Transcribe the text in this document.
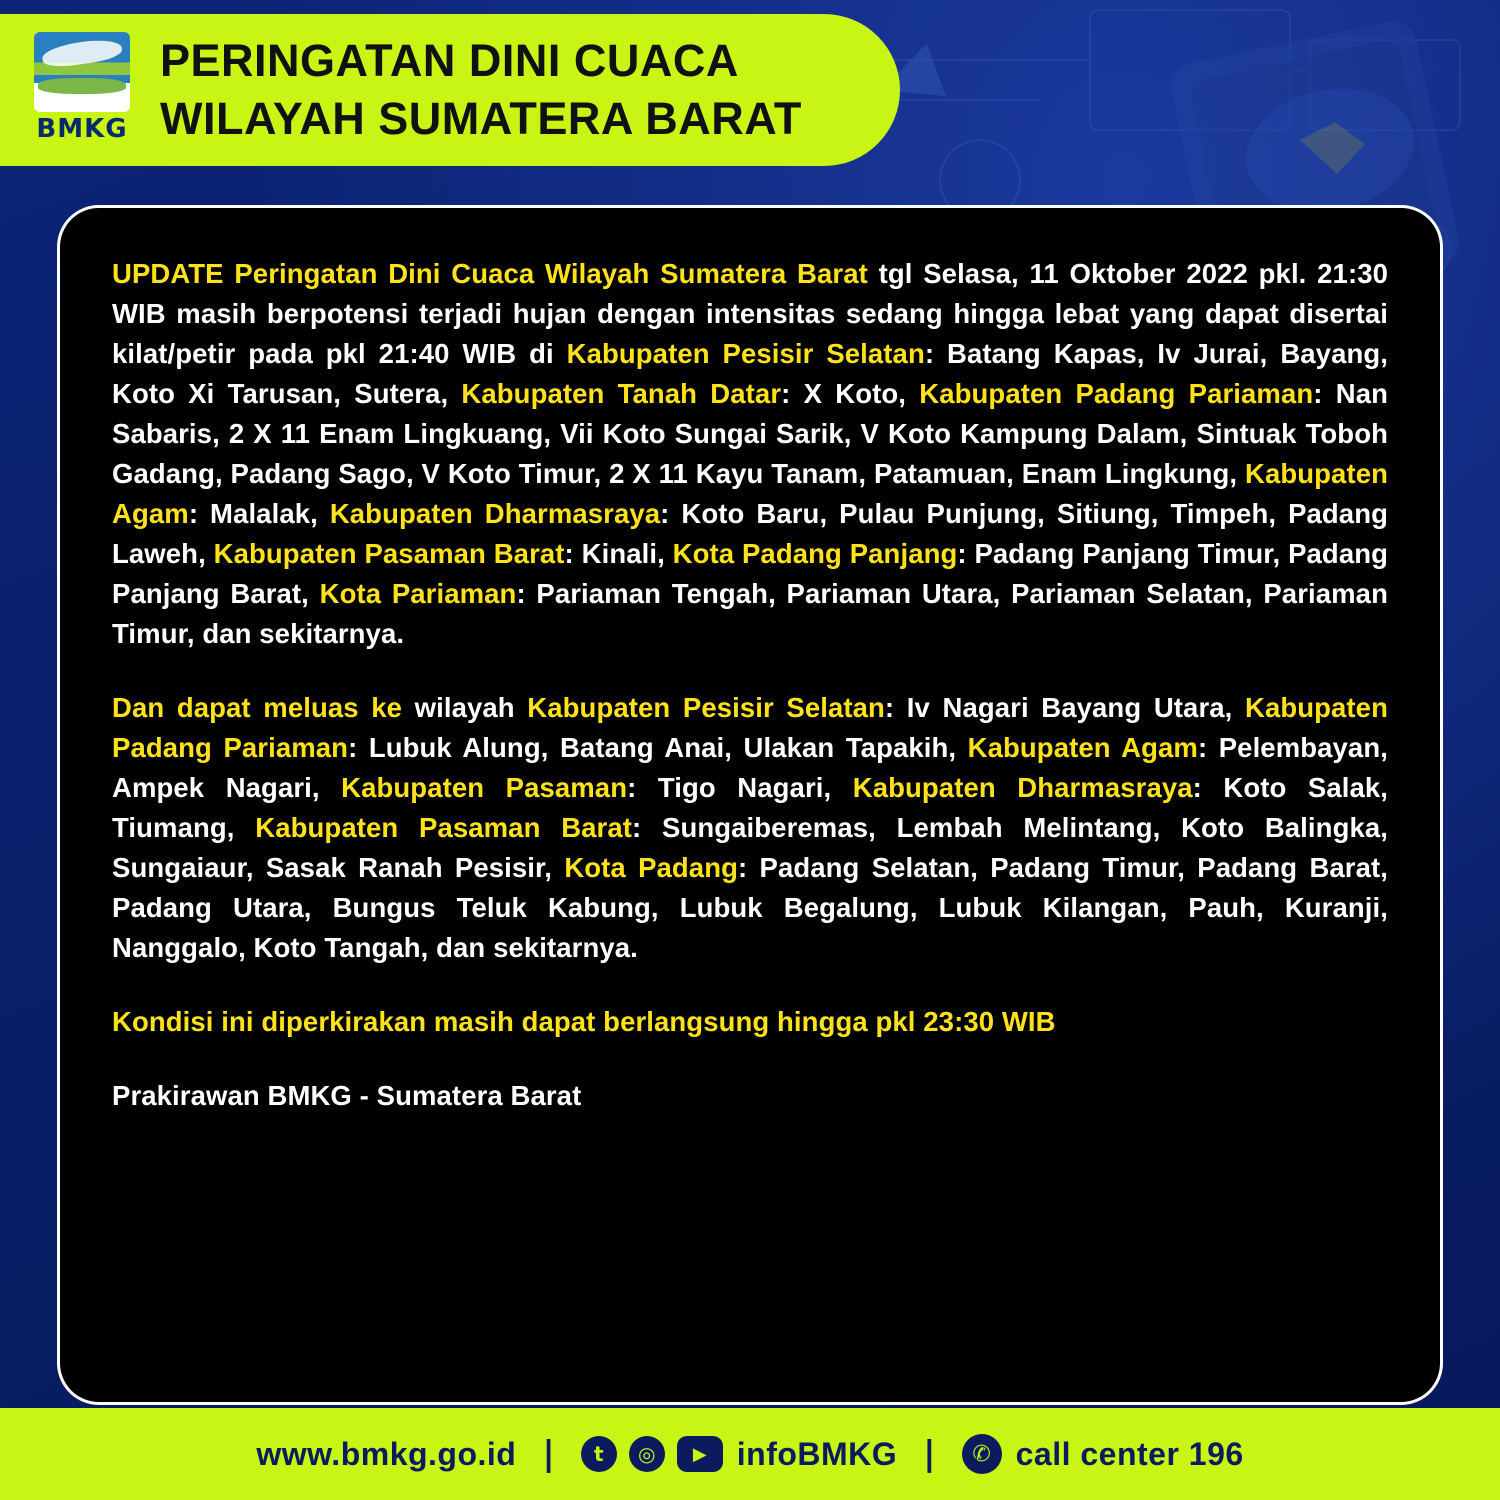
BMKG
PERINGATAN DINI CUACA
WILAYAH SUMATERA BARAT

UPDATE Peringatan Dini Cuaca Wilayah Sumatera Barat tgl Selasa, 11 Oktober 2022 pkl. 21:30 WIB masih berpotensi terjadi hujan dengan intensitas sedang hingga lebat yang dapat disertai kilat/petir pada pkl 21:40 WIB di Kabupaten Pesisir Selatan: Batang Kapas, Iv Jurai, Bayang, Koto Xi Tarusan, Sutera, Kabupaten Tanah Datar: X Koto, Kabupaten Padang Pariaman: Nan Sabaris, 2 X 11 Enam Lingkuang, Vii Koto Sungai Sarik, V Koto Kampung Dalam, Sintuak Toboh Gadang, Padang Sago, V Koto Timur, 2 X 11 Kayu Tanam, Patamuan, Enam Lingkung, Kabupaten Agam: Malalak, Kabupaten Dharmasraya: Koto Baru, Pulau Punjung, Sitiung, Timpeh, Padang Laweh, Kabupaten Pasaman Barat: Kinali, Kota Padang Panjang: Padang Panjang Timur, Padang Panjang Barat, Kota Pariaman: Pariaman Tengah, Pariaman Utara, Pariaman Selatan, Pariaman Timur, dan sekitarnya.

Dan dapat meluas ke wilayah Kabupaten Pesisir Selatan: Iv Nagari Bayang Utara, Kabupaten Padang Pariaman: Lubuk Alung, Batang Anai, Ulakan Tapakih, Kabupaten Agam: Pelembayan, Ampek Nagari, Kabupaten Pasaman: Tigo Nagari, Kabupaten Dharmasraya: Koto Salak, Tiumang, Kabupaten Pasaman Barat: Sungaiberemas, Lembah Melintang, Koto Balingka, Sungaiaur, Sasak Ranah Pesisir, Kota Padang: Padang Selatan, Padang Timur, Padang Barat, Padang Utara, Bungus Teluk Kabung, Lubuk Begalung, Lubuk Kilangan, Pauh, Kuranji, Nanggalo, Koto Tangah, dan sekitarnya.

Kondisi ini diperkirakan masih dapat berlangsung hingga pkl 23:30 WIB

Prakirawan BMKG - Sumatera Barat

www.bmkg.go.id |	t	◎	▶ infoBMKG |	✆ call center 196
